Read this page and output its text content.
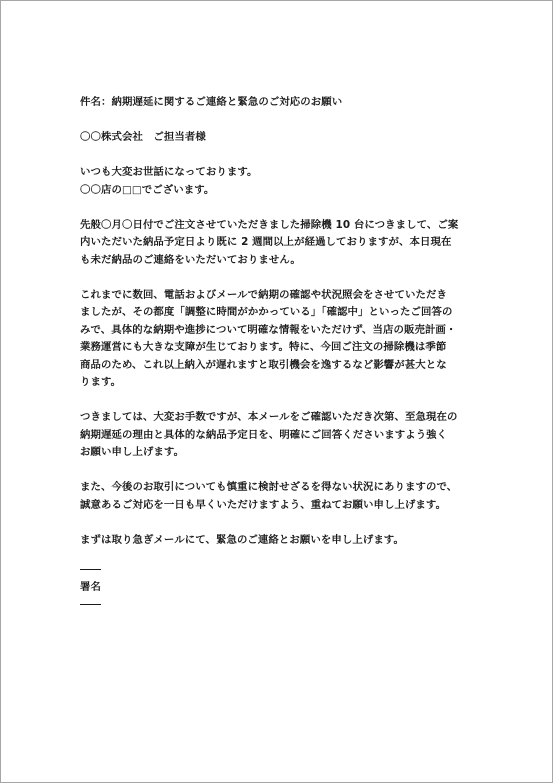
件名：納期遅延に関するご連絡と緊急のご対応のお願い
〇〇株式会社　ご担当者様
いつも大変お世話になっております。
〇〇店の□□でございます。
先般〇月〇日付でご注文させていただきました掃除機 10 台につきまして、ご案
内いただいた納品予定日より既に 2 週間以上が経過しておりますが、本日現在
も未だ納品のご連絡をいただいておりません。
これまでに数回、電話およびメールで納期の確認や状況照会をさせていただき
ましたが、その都度「調整に時間がかかっている」「確認中」といったご回答の
みで、具体的な納期や進捗について明確な情報をいただけず、当店の販売計画・
業務運営にも大きな支障が生じております。特に、今回ご注文の掃除機は季節
商品のため、これ以上納入が遅れますと取引機会を逸するなど影響が甚大とな
ります。
つきましては、大変お手数ですが、本メールをご確認いただき次第、至急現在の
納期遅延の理由と具体的な納品予定日を、明確にご回答くださいますよう強く
お願い申し上げます。
また、今後のお取引についても慎重に検討せざるを得ない状況にありますので、
誠意あるご対応を一日も早くいただけますよう、重ねてお願い申し上げます。
まずは取り急ぎメールにて、緊急のご連絡とお願いを申し上げます。
署名
